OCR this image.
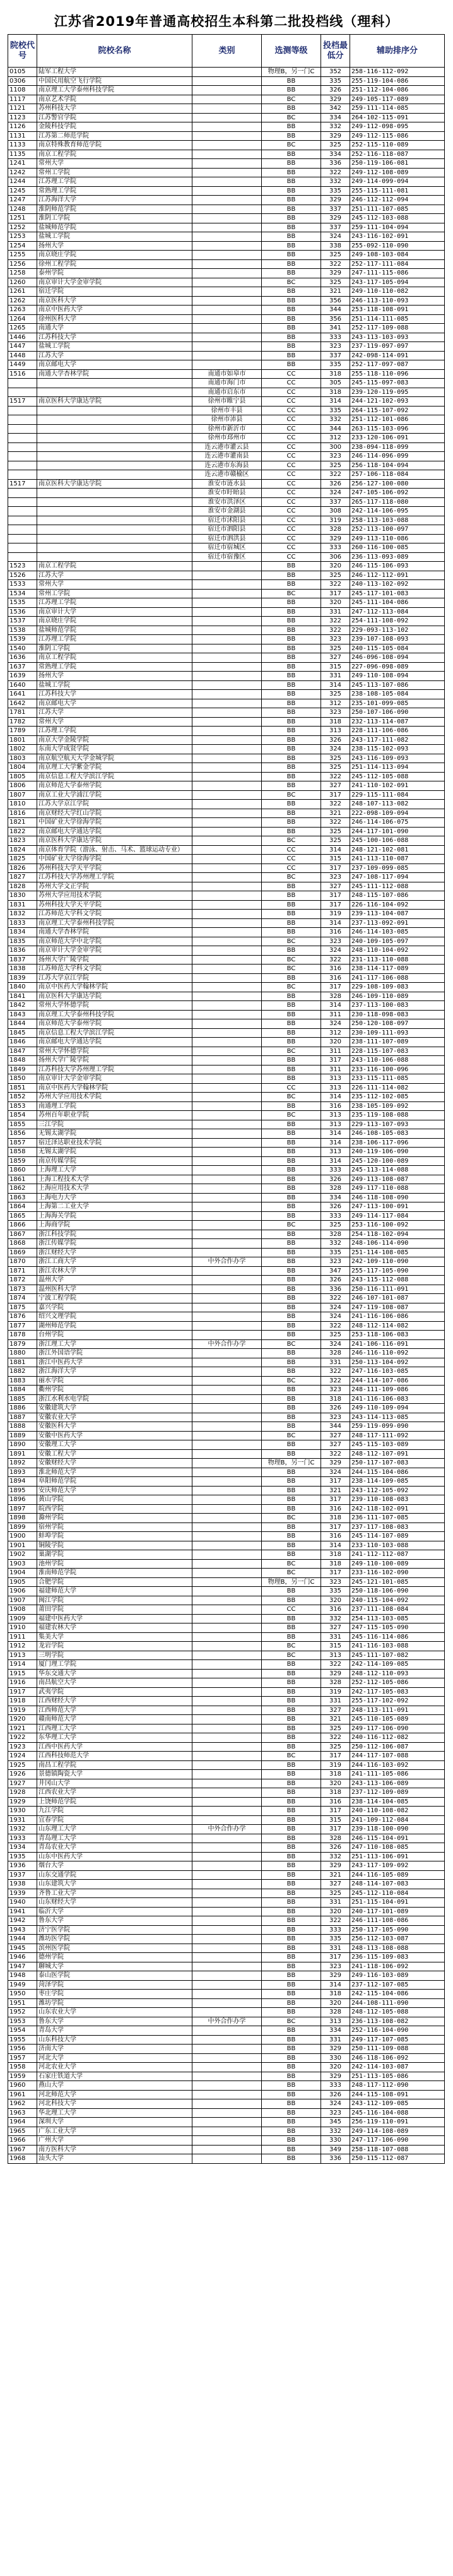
江苏省2019年普通高校招生本科第二批投档线（理科）
院校代号	院校名称	类别	选测等级	投档最低分	辅助排序分
0105	陆军工程大学		物理B，另一门C	352	258-116-112-092
0306	中国民用航空飞行学院		BB	335	255-119-104-086
1108	南京理工大学泰州科技学院		BB	326	251-112-104-086
1117	南京艺术学院		BC	329	249-105-117-089
1121	苏州科技大学		BB	342	259-111-114-085
1123	江苏警官学院		BC	334	264-102-115-091
1126	金陵科技学院		BB	332	249-112-098-095
1131	江苏第二师范学院		BB	329	249-112-115-086
1133	南京特殊教育师范学院		BC	325	252-115-110-089
1135	南京工程学院		BB	334	252-116-118-087
1241	常州大学		BB	336	250-119-106-081
1242	常州工学院		BB	322	249-112-108-089
1244	江苏理工学院		BB	332	249-114-099-094
1245	常熟理工学院		BB	335	255-115-111-081
1247	江苏海洋大学		BB	329	246-112-112-094
1248	淮阴师范学院		BB	337	251-111-107-085
1251	淮阴工学院		BB	329	245-112-103-088
1252	盐城师范学院		BB	337	259-111-104-094
1253	盐城工学院		BB	324	243-116-102-091
1254	扬州大学		BB	338	255-092-110-090
1255	南京晓庄学院		BB	325	249-108-103-084
1256	徐州工程学院		BB	322	252-117-111-084
1258	泰州学院		BB	329	247-111-115-086
1260	南京审计大学金审学院		BC	325	243-117-105-094
1261	宿迁学院		BB	321	249-110-110-082
1262	南京医科大学		BB	356	246-113-110-093
1263	南京中医药大学		BB	344	253-118-108-091
1264	徐州医科大学		BB	356	251-114-111-085
1265	南通大学		BB	341	252-117-109-088
1446	江苏科技大学		BB	333	243-113-103-093
1447	盐城工学院		BB	323	237-119-097-097
1448	江苏大学		BB	337	242-098-114-091
1449	南京邮电大学		BB	335	252-117-097-087
1516	南通大学杏林学院	南通市如皋市	CC	318	255-118-110-096
		南通市海门市	CC	305	245-115-097-083
		南通市启东市	CC	318	239-120-119-095
1517	南京医科大学康达学院	徐州市睢宁县	CC	314	244-121-102-093
		徐州市丰县	CC	335	264-115-107-092
		徐州市沛县	CC	332	251-112-101-086
		徐州市新沂市	CC	344	263-115-103-096
		徐州市邳州市	CC	312	233-120-106-091
		连云港市灌云县	CC	300	238-094-118-099
		连云港市灌南县	CC	323	246-114-096-099
		连云港市东海县	CC	325	256-118-104-094
		连云港市赣榆区	CC	322	257-106-118-084
1517	南京医科大学康达学院	淮安市涟水县	CC	326	256-127-100-080
		淮安市盱眙县	CC	324	247-105-106-092
		淮安市洪泽区	CC	337	265-117-118-080
		淮安市金湖县	CC	308	242-114-106-095
		宿迁市沭阳县	CC	319	258-113-103-088
		宿迁市泗阳县	CC	328	252-113-100-097
		宿迁市泗洪县	CC	329	249-113-110-086
		宿迁市宿城区	CC	333	260-116-100-085
		宿迁市宿豫区	CC	306	236-113-093-089
1523	南京工程学院		BB	320	246-115-106-093
1526	江苏大学		BB	325	246-112-112-091
1533	常州大学		BB	322	240-113-102-092
1534	常州工学院		BC	317	245-117-101-083
1535	江苏理工学院		BB	320	245-111-104-086
1536	南京审计大学		BB	331	247-112-113-084
1537	南京晓庄学院		BB	322	254-111-108-092
1538	盐城师范学院		BB	322	229-093-113-102
1539	江苏理工学院		BB	323	239-107-108-093
1540	淮阴工学院		BB	325	240-115-105-084
1636	南京工程学院		BB	327	246-096-108-094
1637	常熟理工学院		BB	315	227-096-098-089
1639	扬州大学		BB	331	249-110-108-094
1640	盐城工学院		BB	314	245-113-107-086
1641	江苏科技大学		BB	325	238-108-105-084
1642	南京邮电大学		BB	312	235-101-099-085
1781	江苏大学		BB	323	250-107-106-090
1782	常州大学		BB	318	232-113-114-087
1789	江苏理工学院		BB	313	228-111-106-086
1801	南京大学金陵学院		BB	326	243-117-111-082
1802	东南大学成贤学院		BB	324	238-115-102-093
1803	南京航空航天大学金城学院		BB	325	243-116-109-093
1804	南京理工大学紫金学院		BB	325	251-114-113-094
1805	南京信息工程大学滨江学院		BB	322	245-112-105-088
1806	南京师范大学泰州学院		BB	327	241-110-102-091
1807	南京工业大学浦江学院		BC	317	229-115-111-084
1810	江苏大学京江学院		BB	322	248-107-113-082
1816	南京财经大学红山学院		BB	321	222-098-109-094
1821	中国矿业大学徐海学院		BB	322	246-114-106-075
1822	南京邮电大学通达学院		BB	325	244-117-101-090
1823	南京医科大学康达学院		BC	325	245-100-106-088
1824	南京体育学院（游泳、射击、马术、篮球运动专业）		CC	314	248-121-102-081
1825	中国矿业大学徐海学院		CC	315	241-113-110-087
1826	苏州科技大学天平学院		CC	317	237-109-099-085
1827	江苏科技大学苏州理工学院		BC	323	247-108-117-094
1828	苏州大学文正学院		BB	327	245-111-112-088
1830	苏州大学应用技术学院		BB	317	248-115-107-086
1831	苏州科技大学天平学院		BB	317	226-116-104-092
1832	江苏师范大学科文学院		BB	319	239-113-104-087
1833	南京理工大学泰州科技学院		BB	314	237-113-092-091
1834	南通大学杏林学院		BB	316	246-114-103-085
1835	南京师范大学中北学院		BC	323	240-109-105-097
1836	南京审计大学金审学院		BB	324	248-110-104-092
1837	扬州大学广陵学院		BC	322	231-113-110-088
1838	江苏师范大学科文学院		BC	316	238-114-117-089
1839	江苏大学京江学院		BB	316	241-117-106-088
1840	南京中医药大学翰林学院		BC	317	229-108-109-083
1841	南京医科大学康达学院		BB	328	246-109-110-089
1842	常州大学怀德学院		BB	314	237-113-100-083
1843	南京理工大学泰州科技学院		BB	311	230-118-098-083
1844	南京师范大学泰州学院		BB	324	250-120-108-097
1845	南京信息工程大学滨江学院		BB	312	230-109-111-093
1846	南京邮电大学通达学院		BB	320	238-111-107-089
1847	常州大学怀德学院		BC	311	228-115-107-083
1848	扬州大学广陵学院		BB	317	243-110-106-088
1849	江苏科技大学苏州理工学院		BB	311	233-116-100-096
1850	南京审计大学金审学院		BB	313	233-115-111-085
1851	南京中医药大学翰林学院		CC	313	226-111-114-082
1852	苏州大学应用技术学院		BC	314	235-112-102-085
1853	南通理工学院		BB	316	238-105-109-092
1854	苏州百年职业学院		BC	313	235-119-108-088
1855	三江学院		BB	313	229-113-107-093
1856	无锡太湖学院		BB	314	246-108-105-083
1857	宿迁泽达职业技术学院		BB	314	238-106-117-096
1858	无锡太湖学院		BB	313	240-119-106-090
1859	南京传媒学院		BB	314	245-120-100-089
1860	上海理工大学		BB	333	245-113-114-088
1861	上海工程技术大学		BB	326	249-113-108-087
1862	上海应用技术大学		BB	328	249-117-110-088
1863	上海电力大学		BB	334	246-118-108-090
1864	上海第二工业大学		BB	326	247-113-100-091
1865	上海海关学院		BB	333	249-114-117-084
1866	上海商学院		BC	325	253-116-100-092
1867	浙江科技学院		BB	328	254-118-102-094
1868	浙江传媒学院		BB	332	248-106-114-090
1869	浙江财经大学		BB	335	251-114-108-085
1870	浙江工商大学	中外合作办学	BB	323	242-109-110-090
1871	浙江农林大学		BB	347	255-117-105-090
1872	温州大学		BB	326	243-115-112-088
1873	温州医科大学		BB	336	250-116-111-091
1874	宁波工程学院		BB	322	246-107-101-087
1875	嘉兴学院		BB	324	247-119-108-087
1876	绍兴文理学院		BB	324	241-116-106-086
1877	湖州师范学院		BB	322	248-112-114-082
1878	台州学院		BB	325	253-118-106-083
1879	浙江理工大学	中外合作办学	BC	324	241-106-116-091
1880	浙江外国语学院		BB	328	246-116-110-092
1881	浙江中医药大学		BB	331	250-113-104-092
1882	浙江海洋大学		BB	322	247-116-103-085
1883	丽水学院		BC	322	244-114-107-086
1884	衢州学院		BB	323	248-111-109-086
1885	浙江水利水电学院		BB	318	241-116-106-083
1886	安徽建筑大学		BB	326	249-110-109-094
1887	安徽农业大学		BB	323	243-114-113-085
1888	安徽医科大学		BB	344	259-119-099-090
1889	安徽中医药大学		BC	327	248-117-111-092
1890	安徽理工大学		BB	327	245-115-103-089
1891	安徽工程大学		BB	322	248-112-107-091
1892	安徽财经大学		物理B，另一门C	329	250-117-107-083
1893	淮北师范大学		BB	324	244-115-104-086
1894	阜阳师范学院		BB	317	238-114-109-085
1895	安庆师范大学		BB	321	243-112-105-092
1896	黄山学院		BB	317	239-110-108-083
1897	皖西学院		BB	316	242-118-102-091
1898	滁州学院		BC	318	236-111-107-085
1899	宿州学院		BB	317	237-117-108-083
1900	蚌埠学院		BB	316	245-114-107-089
1901	铜陵学院		BB	314	233-110-103-088
1902	巢湖学院		BB	318	241-112-112-087
1903	池州学院		BC	318	249-110-100-089
1904	淮南师范学院		BC	317	233-116-102-090
1905	合肥学院		物理B，另一门C	323	245-121-101-085
1906	福建师范大学		BB	335	250-118-106-090
1907	闽江学院		BB	320	240-115-104-092
1908	莆田学院		CC	316	237-111-108-084
1909	福建中医药大学		BB	332	254-113-103-085
1910	福建农林大学		BB	327	247-115-105-090
1911	集美大学		BB	331	245-116-114-086
1912	龙岩学院		BC	315	241-116-103-088
1913	三明学院		BC	313	245-111-107-082
1914	厦门理工学院		BB	322	242-114-109-085
1915	华东交通大学		BB	329	248-112-110-093
1916	南昌航空大学		BB	328	252-112-105-086
1917	武夷学院		BB	319	242-117-105-083
1918	江西财经大学		BB	331	255-117-102-092
1919	江西师范大学		BB	327	248-113-111-091
1920	赣南师范大学		BB	321	245-110-105-089
1921	江西理工大学		BB	325	249-117-106-090
1922	东华理工大学		BB	322	240-116-112-082
1923	江西中医药大学		BB	325	250-112-106-087
1924	江西科技师范大学		BC	317	244-117-107-088
1925	南昌工程学院		BB	319	244-116-103-092
1926	景德镇陶瓷大学		BB	318	241-111-105-086
1927	井冈山大学		BB	320	243-113-106-089
1928	江西农业大学		BB	318	237-112-109-089
1929	上饶师范学院		BB	316	238-114-104-085
1930	九江学院		BB	317	240-110-108-082
1931	宜春学院		BB	315	241-109-112-084
1932	山东理工大学	中外合作办学	BB	317	239-118-100-090
1933	青岛理工大学		BB	328	246-115-104-091
1934	青岛农业大学		BB	326	247-110-108-085
1935	山东中医药大学		BB	332	251-113-106-091
1936	烟台大学		BB	329	243-117-109-092
1937	山东交通学院		BB	321	244-116-105-089
1938	山东建筑大学		BB	327	248-114-107-083
1939	齐鲁工业大学		BB	325	245-112-110-084
1940	山东财经大学		BB	331	251-115-104-091
1941	临沂大学		BB	320	240-117-101-089
1942	鲁东大学		BB	322	246-111-108-086
1943	济宁医学院		BB	333	250-117-105-090
1944	潍坊医学院		BB	335	256-112-103-087
1945	滨州医学院		BB	331	248-113-108-088
1946	德州学院		BB	317	236-115-109-083
1947	聊城大学		BB	323	241-118-106-092
1948	泰山医学院		BB	329	249-116-103-089
1949	菏泽学院		BB	314	237-112-107-085
1950	枣庄学院		BB	318	242-115-104-086
1951	潍坊学院		BB	320	244-108-111-090
1952	山东农业大学		BB	328	248-112-105-088
1953	鲁东大学	中外合作办学	BC	313	236-113-108-082
1954	青岛大学		BB	334	252-116-104-090
1955	山东科技大学		BB	331	249-117-107-085
1956	济南大学		BB	329	250-111-109-088
1957	河北大学		BB	330	246-118-106-092
1958	河北农业大学		BB	320	242-114-103-087
1959	石家庄铁道大学		BB	329	251-113-105-086
1960	燕山大学		BB	333	248-117-112-090
1961	河北师范大学		BB	326	244-115-108-091
1962	河北科技大学		BB	324	243-112-109-085
1963	华北理工大学		BB	323	245-116-104-088
1964	深圳大学		BB	345	256-119-110-091
1965	广东工业大学		BB	332	249-114-108-089
1966	广州大学		BB	330	247-117-106-090
1967	南方医科大学		BB	349	258-118-107-088
1968	汕头大学		BB	336	250-115-112-087
